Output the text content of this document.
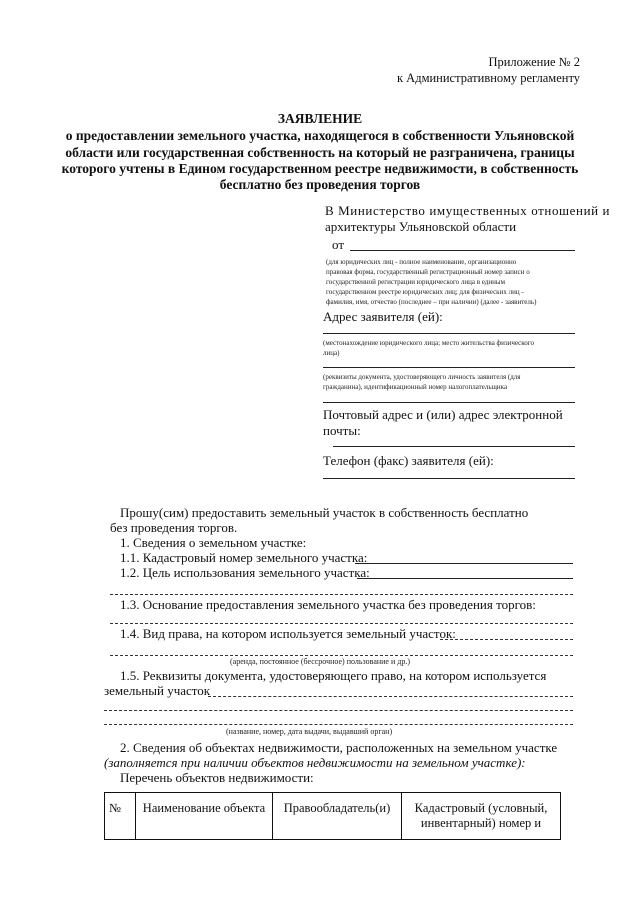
Приложение № 2
к Административному регламенту
ЗАЯВЛЕНИЕ
о предоставлении земельного участка, находящегося в собственности Ульяновской
области или государственная собственность на который не разграничена, границы
которого учтены в Едином государственном реестре недвижимости, в собственность
бесплатно без проведения торгов
В Министерство имущественных отношений и
архитектуры Ульяновской области
от
(для юридических лиц - полное наименование, организационно
правовая форма, государственный регистрационный номер записи о
государственной регистрации юридического лица в единым
государственном реестре юридических лиц; для физических лиц -
фамилия, имя, отчество (последнее – при наличии) (далее - заявитель)
Адрес заявителя (ей):
(местонахождение юридического лица; место жительства физического
лица)
(реквизиты документа, удостоверяющего личность заявителя (для
гражданина), идентификационный номер налогоплательщика
Почтовый адрес и (или) адрес электронной
почты:
Телефон (факс) заявителя (ей):
Прошу(сим) предоставить земельный участок в собственность бесплатно
без проведения торгов.
1. Сведения о земельном участке:
1.1. Кадастровый номер земельного участка:
1.2. Цель использования земельного участка:
1.3. Основание предоставления земельного участка без проведения торгов:
1.4. Вид права, на котором используется земельный участок:
(аренда, постоянное (бессрочное) пользование и др.)
1.5. Реквизиты документа, удостоверяющего право, на котором используется
земельный участок
(название, номер, дата выдачи, выдавший орган)
2. Сведения об объектах недвижимости, расположенных на земельном участке
(заполняется при наличии объектов недвижимости на земельном участке):
Перечень объектов недвижимости:
№	Наименование объекта	Правообладатель(и)	Кадастровый (условный, инвентарный) номер и
